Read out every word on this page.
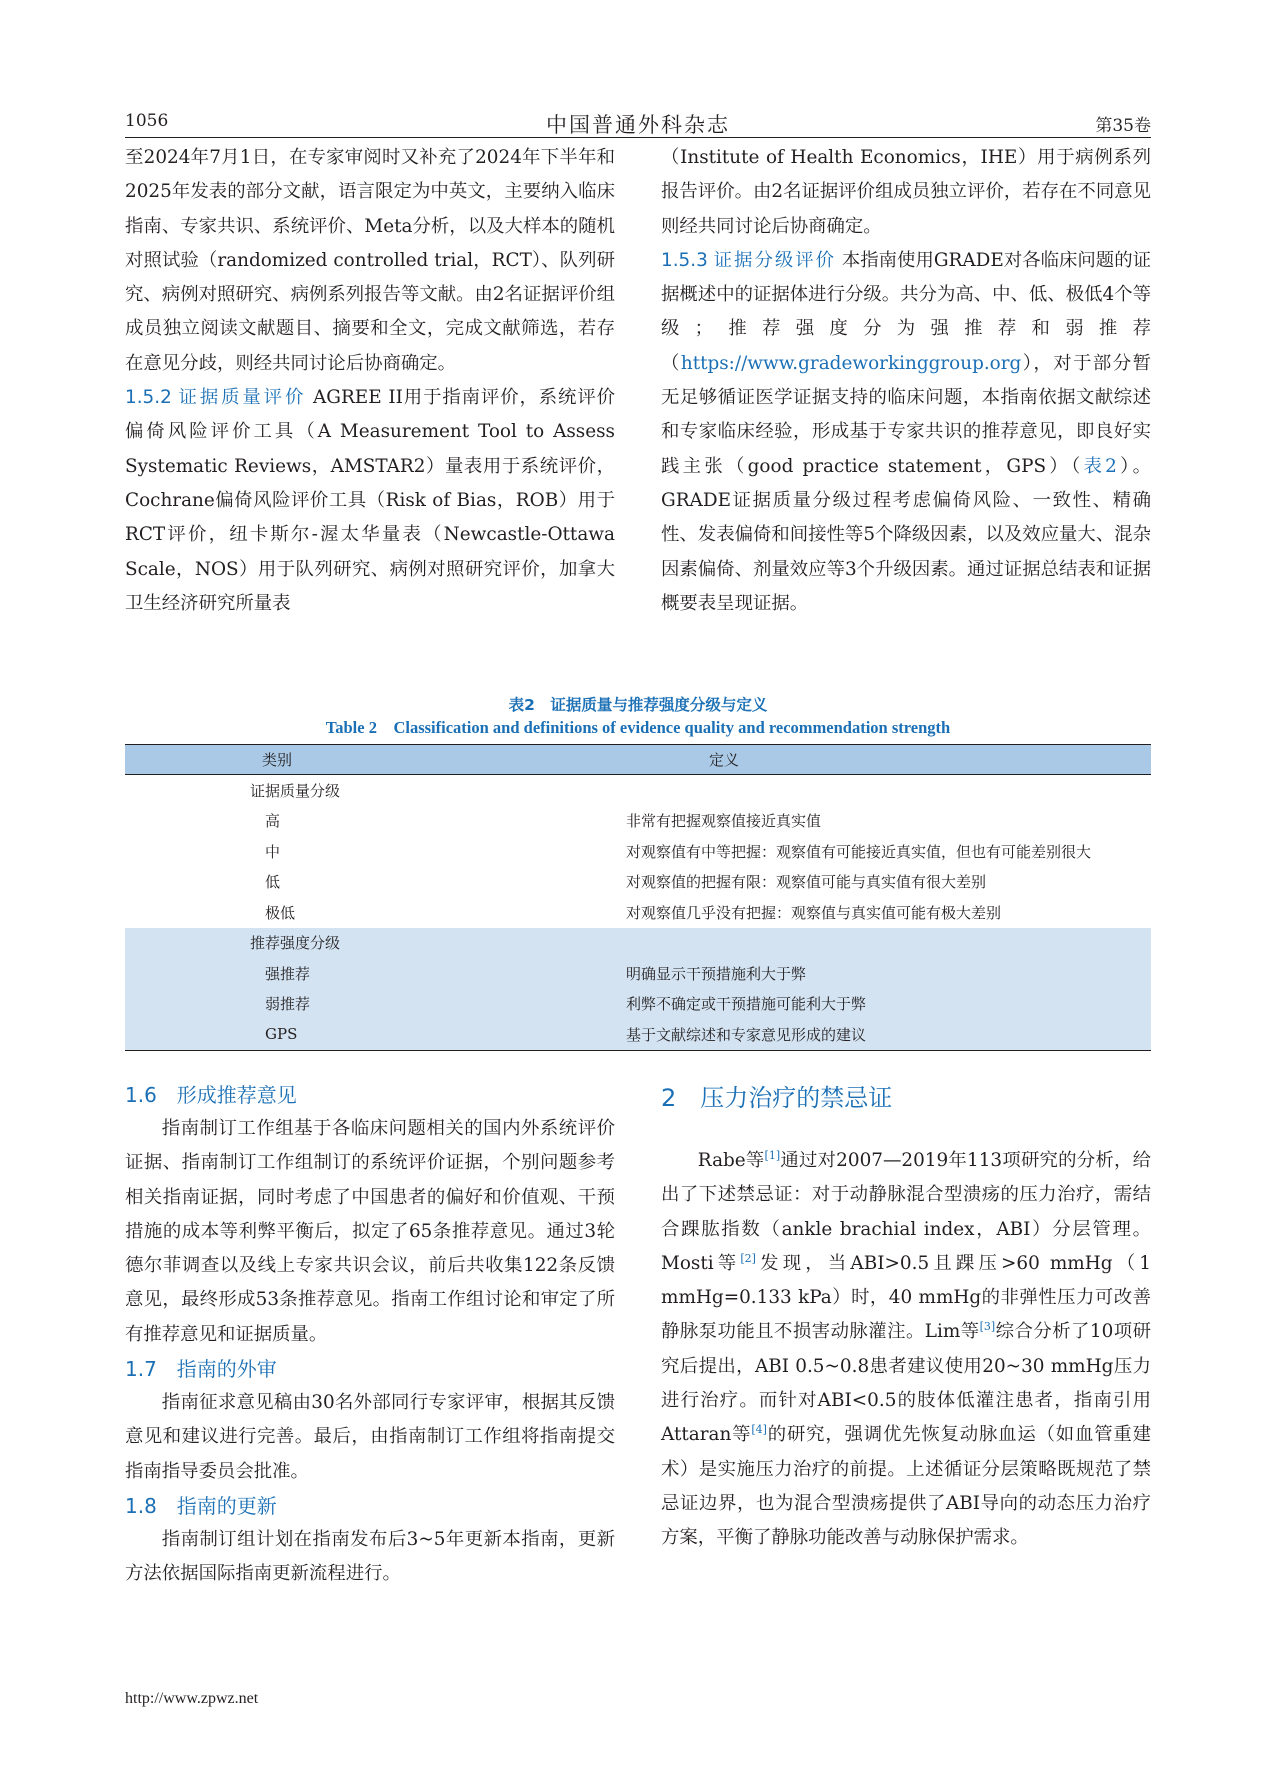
1056	中国普通外科杂志	第35卷

至2024年7月1日，在专家审阅时又补充了2024年下半年和2025年发表的部分文献，语言限定为中英文，主要纳入临床指南、专家共识、系统评价、Meta分析，以及大样本的随机对照试验（randomized controlled trial，RCT）、队列研究、病例对照研究、病例系列报告等文献。由2名证据评价组成员独立阅读文献题目、摘要和全文，完成文献筛选，若存在意见分歧，则经共同讨论后协商确定。

1.5.2 证据质量评价 AGREE II用于指南评价，系统评价偏倚风险评价工具（A Measurement Tool to Assess Systematic Reviews，AMSTAR2）量表用于系统评价，Cochrane偏倚风险评价工具（Risk of Bias，ROB）用于RCT评价，纽卡斯尔-渥太华量表（Newcastle-Ottawa Scale，NOS）用于队列研究、病例对照研究评价，加拿大卫生经济研究所量表

（Institute of Health Economics，IHE）用于病例系列报告评价。由2名证据评价组成员独立评价，若存在不同意见则经共同讨论后协商确定。

1.5.3 证据分级评价 本指南使用GRADE对各临床问题的证据概述中的证据体进行分级。共分为高、中、低、极低4个等级；推荐强度分为强推荐和弱推荐（https://www.gradeworkinggroup.org），对于部分暂无足够循证医学证据支持的临床问题，本指南依据文献综述和专家临床经验，形成基于专家共识的推荐意见，即良好实践主张（good practice statement，GPS）（表2）。GRADE证据质量分级过程考虑偏倚风险、一致性、精确性、发表偏倚和间接性等5个降级因素，以及效应量大、混杂因素偏倚、剂量效应等3个升级因素。通过证据总结表和证据概要表呈现证据。

表2　证据质量与推荐强度分级与定义
Table 2　Classification and definitions of evidence quality and recommendation strength
类别	定义
证据质量分级	
高	非常有把握观察值接近真实值
中	对观察值有中等把握：观察值有可能接近真实值，但也有可能差别很大
低	对观察值的把握有限：观察值可能与真实值有很大差别
极低	对观察值几乎没有把握：观察值与真实值可能有极大差别
推荐强度分级	
强推荐	明确显示干预措施利大于弊
弱推荐	利弊不确定或干预措施可能利大于弊
GPS	基于文献综述和专家意见形成的建议

1.6　形成推荐意见

指南制订工作组基于各临床问题相关的国内外系统评价证据、指南制订工作组制订的系统评价证据，个别问题参考相关指南证据，同时考虑了中国患者的偏好和价值观、干预措施的成本等利弊平衡后，拟定了65条推荐意见。通过3轮德尔菲调查以及线上专家共识会议，前后共收集122条反馈意见，最终形成53条推荐意见。指南工作组讨论和审定了所有推荐意见和证据质量。

1.7　指南的外审

指南征求意见稿由30名外部同行专家评审，根据其反馈意见和建议进行完善。最后，由指南制订工作组将指南提交指南指导委员会批准。

1.8　指南的更新

指南制订组计划在指南发布后3~5年更新本指南，更新方法依据国际指南更新流程进行。

2　压力治疗的禁忌证

Rabe等[1]通过对2007—2019年113项研究的分析，给出了下述禁忌证：对于动静脉混合型溃疡的压力治疗，需结合踝肱指数（ankle brachial index，ABI）分层管理。Mosti等[2]发现，当ABI>0.5且踝压>60 mmHg（1 mmHg=0.133 kPa）时，40 mmHg的非弹性压力可改善静脉泵功能且不损害动脉灌注。Lim等[3]综合分析了10项研究后提出，ABI 0.5~0.8患者建议使用20~30 mmHg压力进行治疗。而针对ABI<0.5的肢体低灌注患者，指南引用Attaran等[4]的研究，强调优先恢复动脉血运（如血管重建术）是实施压力治疗的前提。上述循证分层策略既规范了禁忌证边界，也为混合型溃疡提供了ABI导向的动态压力治疗方案，平衡了静脉功能改善与动脉保护需求。

http://www.zpwz.net
